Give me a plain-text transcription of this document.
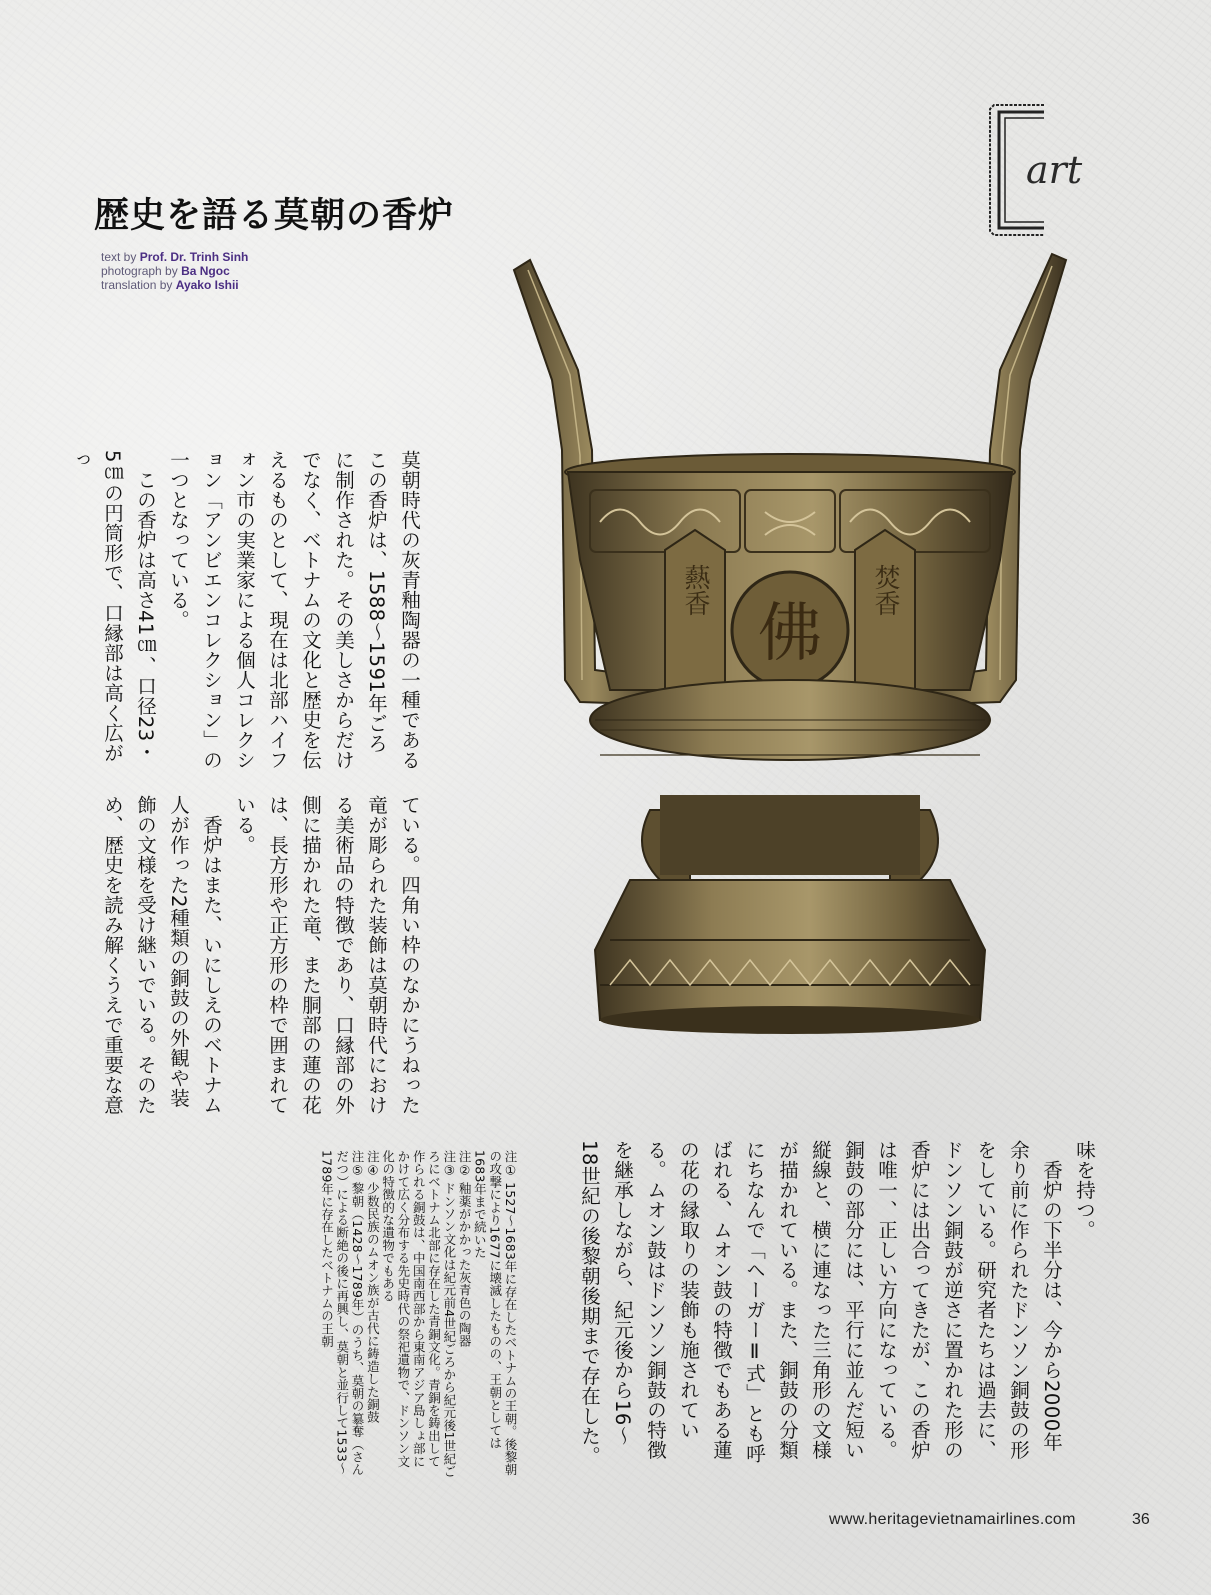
歴史を語る莫朝の香炉
text by Prof. Dr. Trinh Sinh
photograph by Ba Ngoc
translation by Ayako Ishii
art
爇香	焚香
佛

莫朝時代の灰青釉陶器の一種であるこの香炉は、1588〜1591年ごろに制作された。その美しさからだけでなく、ベトナムの文化と歴史を伝えるものとして、現在は北部ハイフォン市の実業家による個人コレクション「アンビエンコレクション」の一つとなっている。

この香炉は高さ41㎝、口径23・5㎝の円筒形で、口縁部は高く広がっ

ている。四角い枠のなかにうねった竜が彫られた装飾は莫朝時代における美術品の特徴であり、口縁部の外側に描かれた竜、また胴部の蓮の花は、長方形や正方形の枠で囲まれている。

香炉はまた、いにしえのベトナム人が作った2種類の銅鼓の外観や装飾の文様を受け継いでいる。そのため、歴史を読み解くうえで重要な意

味を持つ。

香炉の下半分は、今から2000年余り前に作られたドンソン銅鼓の形をしている。研究者たちは過去に、ドンソン銅鼓が逆さに置かれた形の香炉には出合ってきたが、この香炉は唯一、正しい方向になっている。銅鼓の部分には、平行に並んだ短い縦線と、横に連なった三角形の文様が描かれている。また、銅鼓の分類にちなんで「ヘーガーⅡ式」とも呼ばれる、ムオン鼓の特徴でもある蓮の花の縁取りの装飾も施されている。ムオン鼓はドンソン銅鼓の特徴を継承しながら、紀元後から16〜18世紀の後黎朝後期まで存在した。

注① 1527〜1683年に存在したベトナムの王朝。後黎朝の攻撃により1677に壊滅したものの、王朝としては1683年まで続いた

注② 釉薬がかかった灰青色の陶器

注③ ドンソン文化は紀元前4世紀ごろから紀元後1世紀ごろにベトナム北部に存在した青銅文化。青銅を鋳出して作られる銅鼓は、中国南西部から東南アジア島しょ部にかけて広く分布する先史時代の祭祀遺物で、ドンソン文化の特徴的な遺物でもある

注④ 少数民族のムオン族が古代に鋳造した銅鼓

注⑤ 黎朝（1428〜1789年）のうち、莫朝の簒奪（さんだつ）による断絶の後に再興し、莫朝と並行して1533〜1789年に存在したベトナムの王朝

www.heritagevietnamairlines.com	36
